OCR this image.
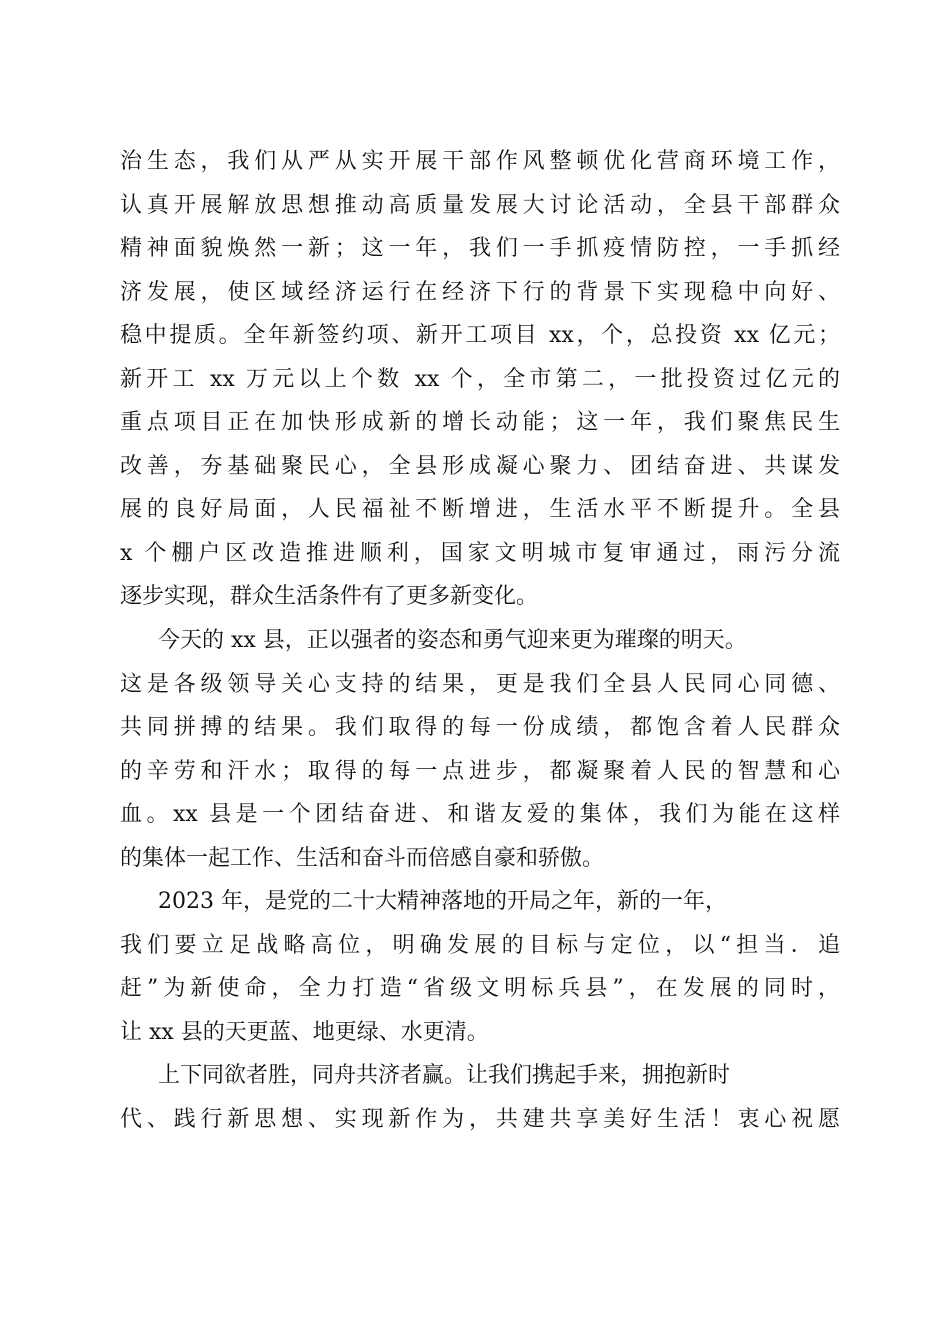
治生态，我们从严从实开展干部作风整顿优化营商环境工作，
认真开展解放思想推动高质量发展大讨论活动，全县干部群众
精神面貌焕然一新；这一年，我们一手抓疫情防控，一手抓经
济发展，使区域经济运行在经济下行的背景下实现稳中向好、
稳中提质。全年新签约项、新开工项目 xx，个，总投资 xx 亿元；
新开工 xx 万元以上个数 xx 个，全市第二，一批投资过亿元的
重点项目正在加快形成新的增长动能；这一年，我们聚焦民生
改善，夯基础聚民心，全县形成凝心聚力、团结奋进、共谋发
展的良好局面，人民福祉不断增进，生活水平不断提升。全县
x 个棚户区改造推进顺利，国家文明城市复审通过，雨污分流
逐步实现，群众生活条件有了更多新变化。
今天的 xx 县，正以强者的姿态和勇气迎来更为璀璨的明天。
这是各级领导关心支持的结果，更是我们全县人民同心同德、
共同拼搏的结果。我们取得的每一份成绩，都饱含着人民群众
的辛劳和汗水；取得的每一点进步，都凝聚着人民的智慧和心
血。xx 县是一个团结奋进、和谐友爱的集体，我们为能在这样
的集体一起工作、生活和奋斗而倍感自豪和骄傲。
2023 年，是党的二十大精神落地的开局之年，新的一年，
我们要立足战略高位，明确发展的目标与定位，以“担当．追
赶”为新使命，全力打造“省级文明标兵县”，在发展的同时，
让 xx 县的天更蓝、地更绿、水更清。
上下同欲者胜，同舟共济者赢。让我们携起手来，拥抱新时
代、践行新思想、实现新作为，共建共享美好生活！衷心祝愿
